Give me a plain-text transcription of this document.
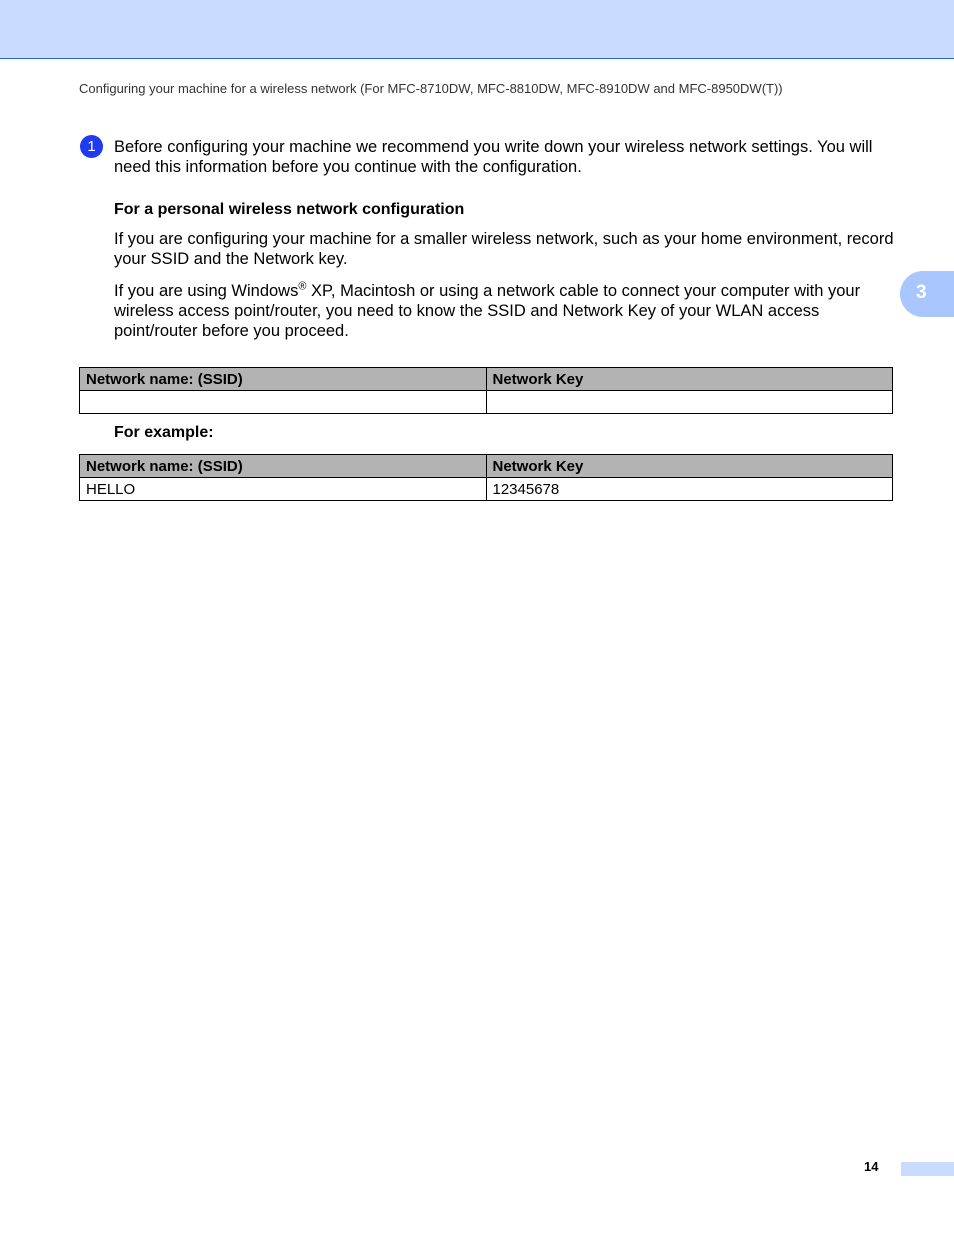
Configuring your machine for a wireless network (For MFC-8710DW, MFC-8810DW, MFC-8910DW and MFC-8950DW(T))
3
1	Before configuring your machine we recommend you write down your wireless network settings. You will need this information before you continue with the configuration.
For a personal wireless network configuration
If you are configuring your machine for a smaller wireless network, such as your home environment, record your SSID and the Network key.
If you are using Windows® XP, Macintosh or using a network cable to connect your computer with your wireless access point/router, you need to know the SSID and Network Key of your WLAN access point/router before you proceed.
Network name: (SSID)	Network Key

For example:
Network name: (SSID)	Network Key
HELLO	12345678
14
